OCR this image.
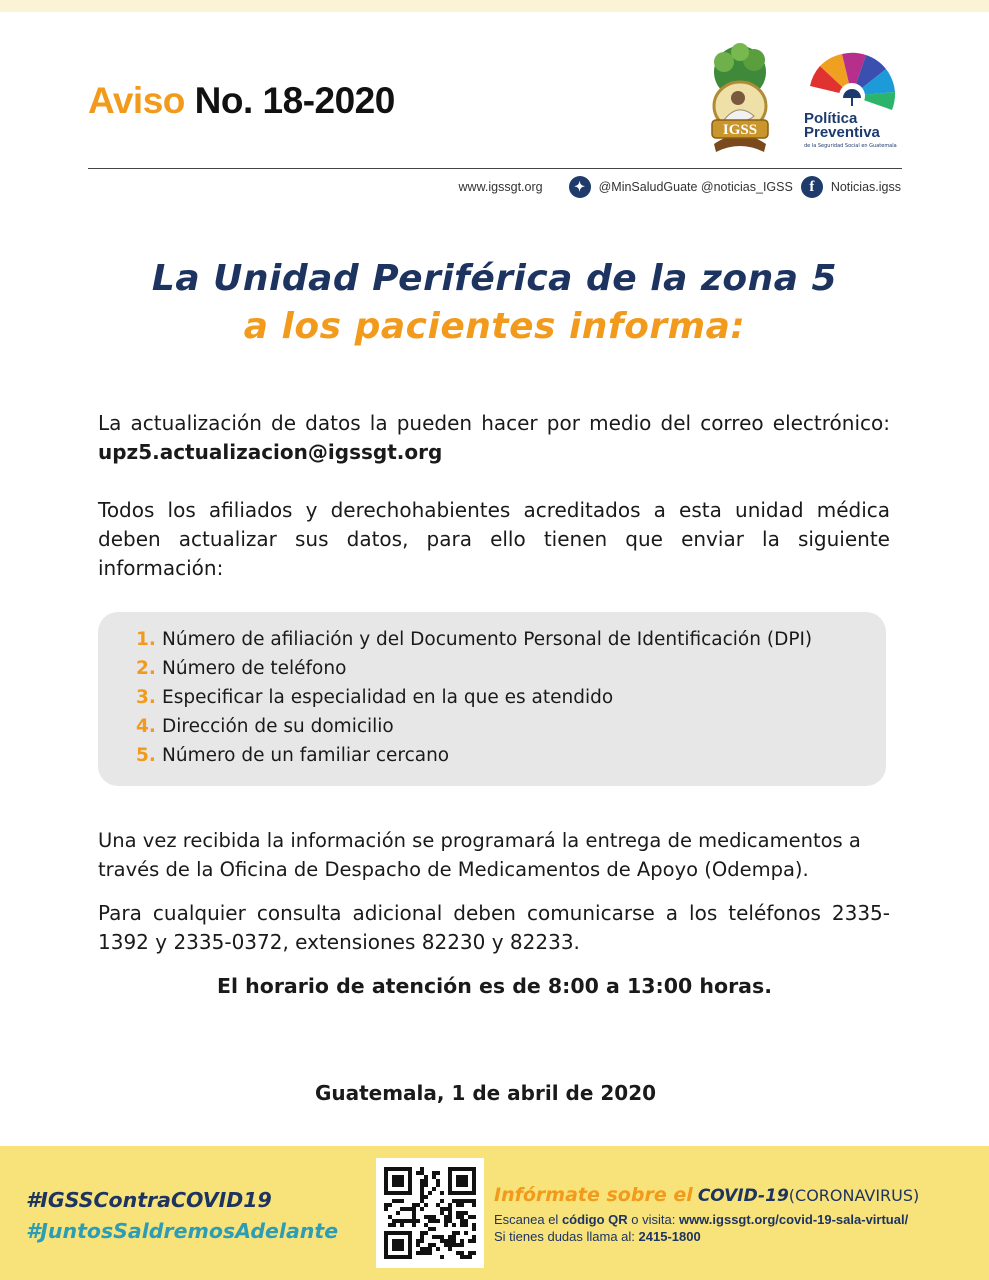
Aviso No. 18-2020
IGSS
Política
Preventiva
de la Seguridad Social en Guatemala
www.igssgt.org	✦	@MinSaludGuate @noticias_IGSS	f	Noticias.igss
La Unidad Periférica de la zona 5
a los pacientes informa:
La actualización de datos la pueden hacer por medio del correo electrónico: upz5.actualizacion@igssgt.org
Todos los afiliados y derechohabientes acreditados a esta unidad médica deben actualizar sus datos, para ello tienen que enviar la siguiente información:
1. Número de afiliación y del Documento Personal de Identificación (DPI)
2. Número de teléfono
3. Especificar la especialidad en la que es atendido
4. Dirección de su domicilio
5. Número de un familiar cercano
Una vez recibida la información se programará la entrega de medicamentos a través de la Oficina de Despacho de Medicamentos de Apoyo (Odempa).
Para cualquier consulta adicional deben comunicarse a los teléfonos 2335-1392 y 2335-0372, extensiones 82230 y 82233.
El horario de atención es de 8:00 a 13:00 horas.
Guatemala, 1 de abril de 2020
#IGSSContraCOVID19
#JuntosSaldremosAdelante
Infórmate sobre el COVID-19(CORONAVIRUS)
Escanea el código QR o visita: www.igssgt.org/covid-19-sala-virtual/
Si tienes dudas llama al: 2415-1800
